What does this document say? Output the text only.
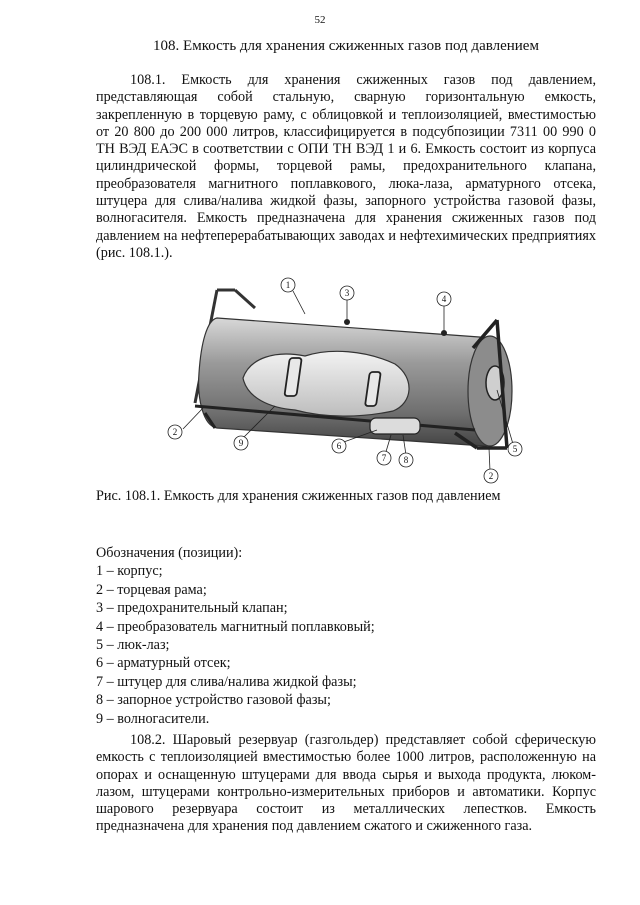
52
108. Емкость для хранения сжиженных газов под давлением

108.1. Емкость для хранения сжиженных газов под давлением, представляющая собой стальную, сварную горизонтальную емкость, закрепленную в торцевую раму, с облицовкой и теплоизоляцией, вместимостью от 20 800 до 200 000 литров, классифицируется в подсубпозиции 7311 00 990 0 ТН ВЭД ЕАЭС в соответствии с ОПИ ТН ВЭД 1 и 6. Емкость состоит из корпуса цилиндрической формы, торцевой рамы, предохранительного клапана, преобразователя магнитного поплавкового, люка-лаза, арматурного отсека, штуцера для слива/налива жидкой фазы, запорного устройства газовой фазы, волногасителя. Емкость предназначена для хранения сжиженных газов под давлением на нефтеперерабатывающих заводах и нефтехимических предприятиях (рис. 108.1.).

1
3
4
2
9	6
7 8
5
2
Рис. 108.1. Емкость для хранения сжиженных газов под давлением
Обозначения (позиции):
1 – корпус;
2 – торцевая рама;
3 – предохранительный клапан;
4 – преобразователь магнитный поплавковый;
5 – люк-лаз;
6 – арматурный отсек;
7 – штуцер для слива/налива жидкой фазы;
8 – запорное устройство газовой фазы;
9 – волногасители.

108.2. Шаровый резервуар (газгольдер) представляет собой сферическую емкость с теплоизоляцией вместимостью более 1000 литров, расположенную на опорах и оснащенную штуцерами для ввода сырья и выхода продукта, люком-лазом, штуцерами контрольно-измерительных приборов и автоматики. Корпус шарового резервуара состоит из металлических лепестков. Емкость предназначена для хранения под давлением сжатого и сжиженного газа.
